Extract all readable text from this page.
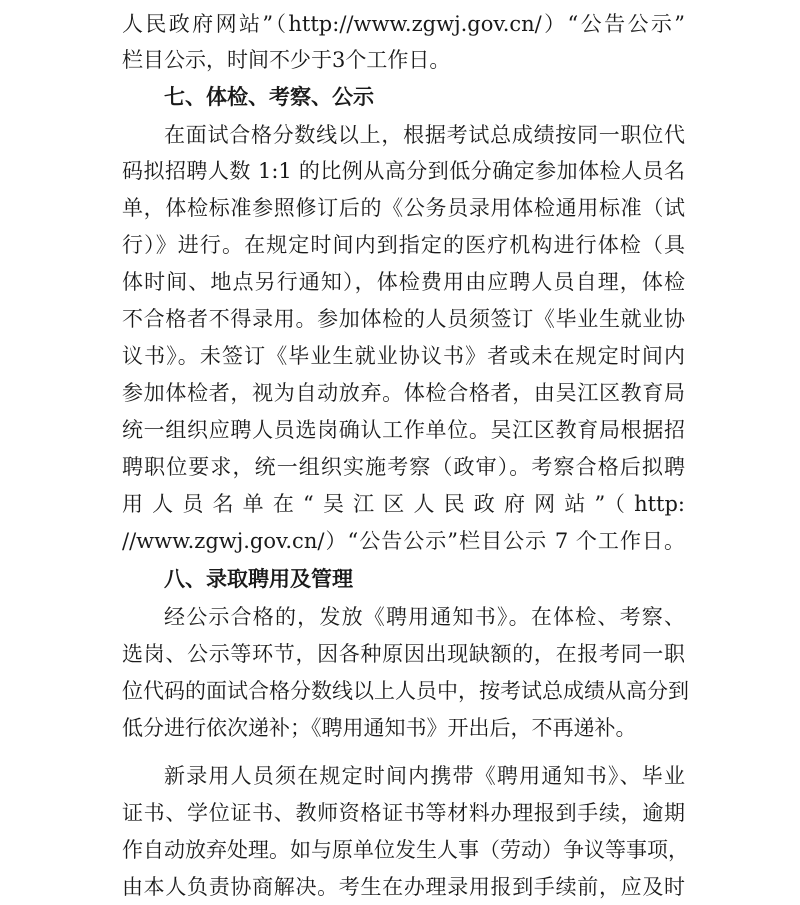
人民政府网站”（http://www.zgwj.gov.cn/）“公告公示”
栏目公示，时间不少于3个工作日。
七、体检、考察、公示
在面试合格分数线以上，根据考试总成绩按同一职位代
码拟招聘人数 1:1 的比例从高分到低分确定参加体检人员名
单，体检标准参照修订后的《公务员录用体检通用标准（试
行）》进行。在规定时间内到指定的医疗机构进行体检（具
体时间、地点另行通知），体检费用由应聘人员自理，体检
不合格者不得录用。参加体检的人员须签订《毕业生就业协
议书》。未签订《毕业生就业协议书》者或未在规定时间内
参加体检者，视为自动放弃。体检合格者，由吴江区教育局
统一组织应聘人员选岗确认工作单位。吴江区教育局根据招
聘职位要求，统一组织实施考察（政审）。考察合格后拟聘
用人员名单在“吴江区人民政府网站”（http:
//www.zgwj.gov.cn/）“公告公示”栏目公示 7 个工作日。
八、录取聘用及管理
经公示合格的，发放《聘用通知书》。在体检、考察、
选岗、公示等环节，因各种原因出现缺额的，在报考同一职
位代码的面试合格分数线以上人员中，按考试总成绩从高分到
低分进行依次递补；《聘用通知书》开出后，不再递补。
新录用人员须在规定时间内携带《聘用通知书》、毕业
证书、学位证书、教师资格证书等材料办理报到手续，逾期
作自动放弃处理。如与原单位发生人事（劳动）争议等事项，
由本人负责协商解决。考生在办理录用报到手续前，应及时
